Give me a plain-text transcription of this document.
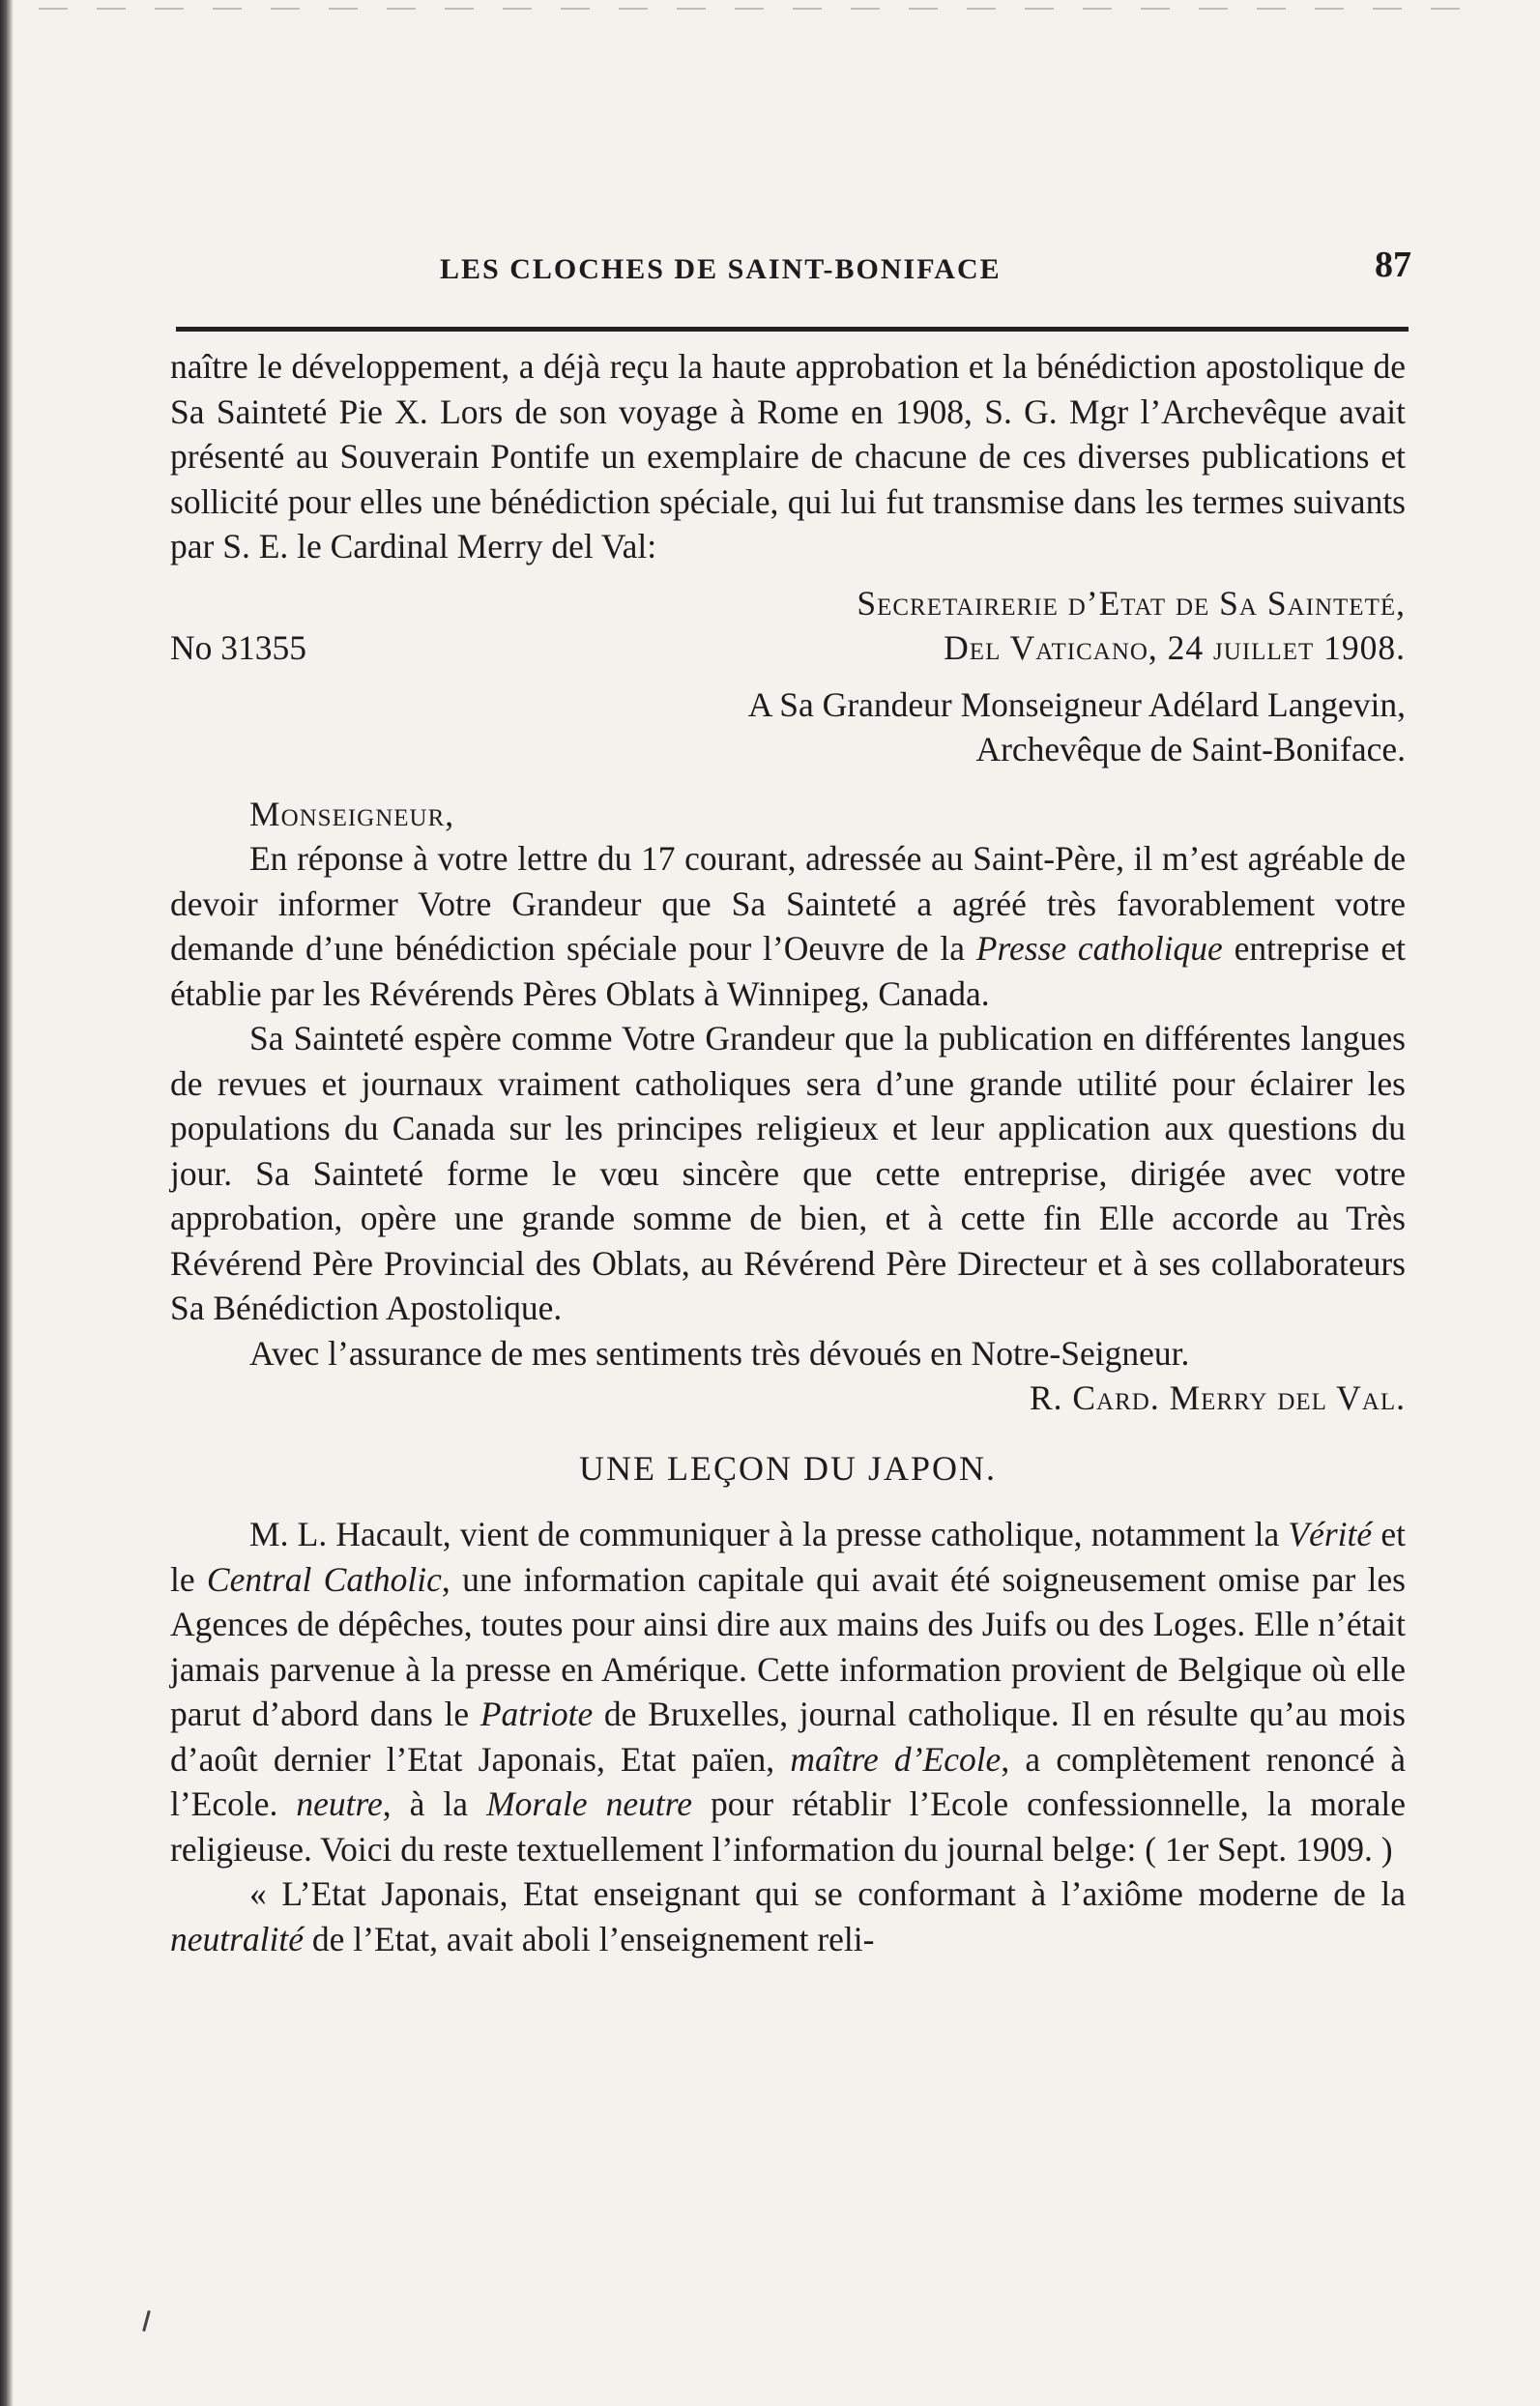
LES CLOCHES DE SAINT-BONIFACE	87

naître le développement, a déjà reçu la haute approbation et la bénédiction apostolique de Sa Sainteté Pie X. Lors de son voyage à Rome en 1908, S. G. Mgr l’Archevêque avait présenté au Souverain Pontife un exemplaire de chacune de ces diverses publications et sollicité pour elles une bénédiction spéciale, qui lui fut transmise dans les termes suivants par S. E. le Cardinal Merry del Val:

Secretairerie d’Etat de Sa Sainteté,

No 31355	Del Vaticano, 24 juillet 1908.

A Sa Grandeur Monseigneur Adélard Langevin,

Archevêque de Saint-Boniface.

Monseigneur,

En réponse à votre lettre du 17 courant, adressée au Saint-Père, il m’est agréable de devoir informer Votre Grandeur que Sa Sainteté a agréé très favorablement votre demande d’une bénédiction spéciale pour l’Oeuvre de la Presse catholique entreprise et établie par les Révérends Pères Oblats à Winnipeg, Canada.

Sa Sainteté espère comme Votre Grandeur que la publication en différentes langues de revues et journaux vraiment catholiques sera d’une grande utilité pour éclairer les populations du Canada sur les principes religieux et leur application aux questions du jour. Sa Sainteté forme le vœu sincère que cette entreprise, dirigée avec votre approbation, opère une grande somme de bien, et à cette fin Elle accorde au Très Révérend Père Provincial des Oblats, au Révérend Père Directeur et à ses collaborateurs Sa Bénédiction Apostolique.

Avec l’assurance de mes sentiments très dévoués en Notre-Seigneur.

R. Card. Merry del Val.

UNE LEÇON DU JAPON.

M. L. Hacault, vient de communiquer à la presse catholique, notamment la Vérité et le Central Catholic, une information capitale qui avait été soigneusement omise par les Agences de dépêches, toutes pour ainsi dire aux mains des Juifs ou des Loges. Elle n’était jamais parvenue à la presse en Amérique. Cette information provient de Belgique où elle parut d’abord dans le Patriote de Bruxelles, journal catholique. Il en résulte qu’au mois d’août dernier l’Etat Japonais, Etat païen, maître d’Ecole, a complètement renoncé à l’Ecole. neutre, à la Morale neutre pour rétablir l’Ecole confessionnelle, la morale religieuse. Voici du reste textuellement l’information du journal belge: ( 1er Sept. 1909. )

« L’Etat Japonais, Etat enseignant qui se conformant à l’axiôme moderne de la neutralité de l’Etat, avait aboli l’enseignement reli-
